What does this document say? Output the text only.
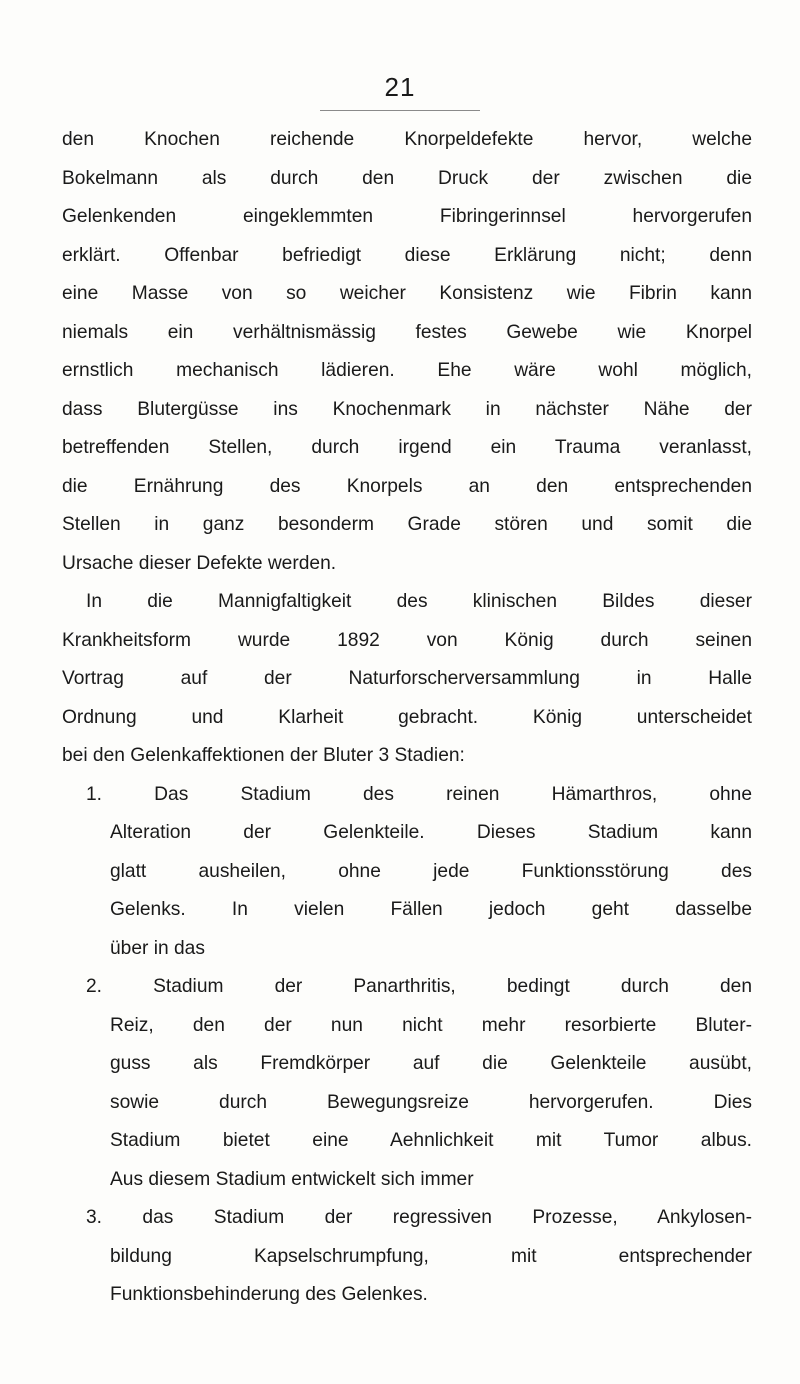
21
den Knochen reichende Knorpeldefekte hervor, welche
Bokelmann als durch den Druck der zwischen die
Gelenkenden eingeklemmten Fibringerinnsel hervorgerufen
erklärt. Offenbar befriedigt diese Erklärung nicht; denn
eine Masse von so weicher Konsistenz wie Fibrin kann
niemals ein verhältnismässig festes Gewebe wie Knorpel
ernstlich mechanisch lädieren. Ehe wäre wohl möglich,
dass Blutergüsse ins Knochenmark in nächster Nähe der
betreffenden Stellen, durch irgend ein Trauma veranlasst,
die Ernährung des Knorpels an den entsprechenden
Stellen in ganz besonderm Grade stören und somit die
Ursache dieser Defekte werden.
In die Mannigfaltigkeit des klinischen Bildes dieser
Krankheitsform wurde 1892 von König durch seinen
Vortrag auf der Naturforscherversammlung in Halle
Ordnung und Klarheit gebracht. König unterscheidet
bei den Gelenkaffektionen der Bluter 3 Stadien:
1. Das Stadium des reinen Hämarthros, ohne
Alteration der Gelenkteile. Dieses Stadium kann
glatt ausheilen, ohne jede Funktionsstörung des
Gelenks. In vielen Fällen jedoch geht dasselbe
über in das
2. Stadium der Panarthritis, bedingt durch den
Reiz, den der nun nicht mehr resorbierte Bluter-
guss als Fremdkörper auf die Gelenkteile ausübt,
sowie durch Bewegungsreize hervorgerufen. Dies
Stadium bietet eine Aehnlichkeit mit Tumor albus.
Aus diesem Stadium entwickelt sich immer
3. das Stadium der regressiven Prozesse, Ankylosen-
bildung Kapselschrumpfung, mit entsprechender
Funktionsbehinderung des Gelenkes.
